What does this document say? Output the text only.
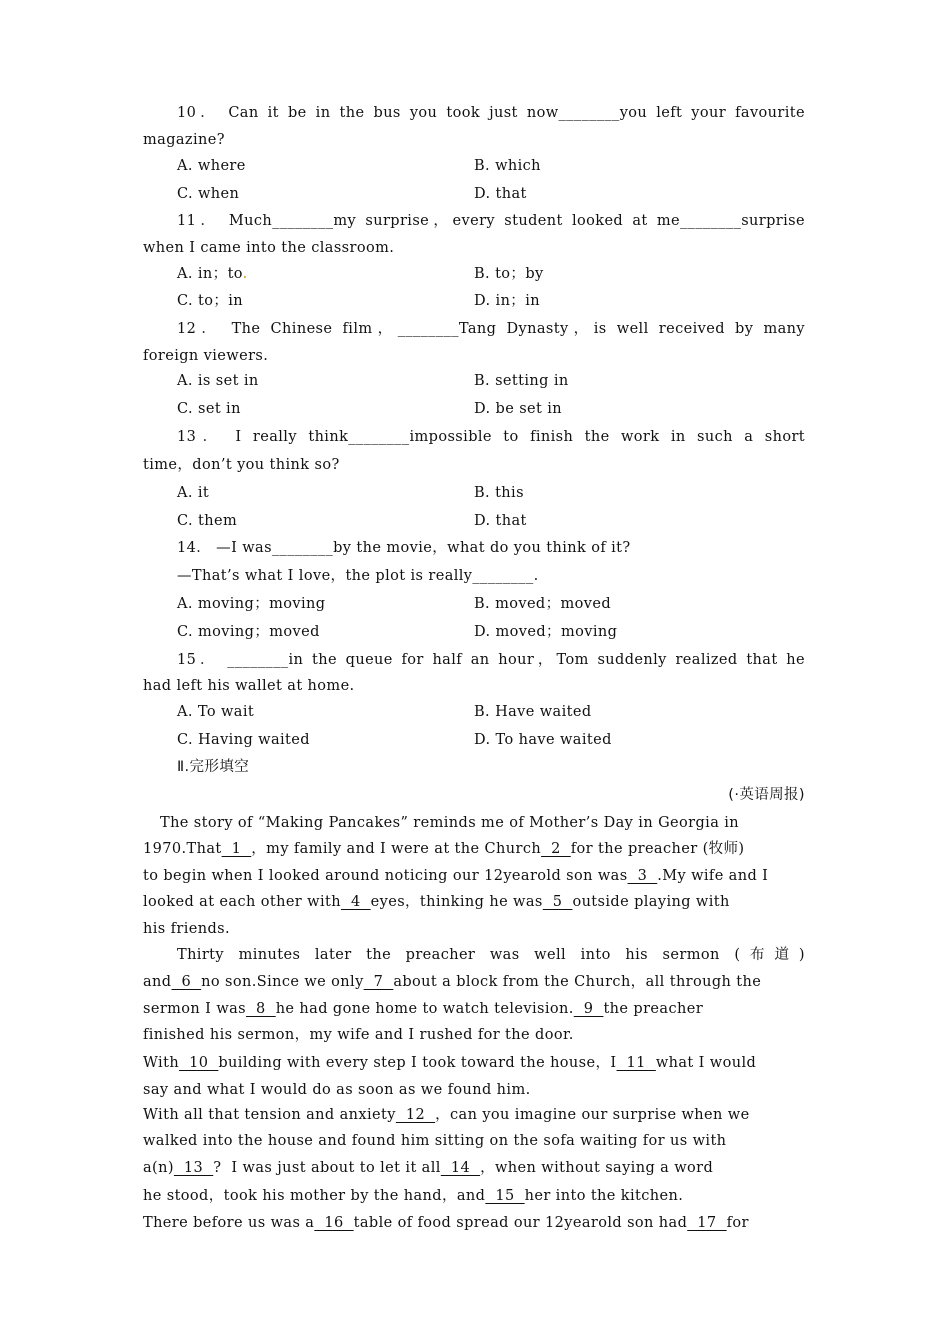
10． Can it be in the bus you took just now________you left your favourite
magazine?
A. where	B. which
C. when	D. that
11． Much________my surprise，every student looked at me________surprise
when I came into the classroom.
A. in；to.	B. to；by
C. to；in	D. in；in
12． The Chinese film，________Tang Dynasty，is well received by many
foreign viewers.
A. is set in	B. setting in
C. set in	D. be set in
13． I really think________impossible to finish the work in such a short
time，don’t you think so?
A. it	B. this
C. them	D. that
14． —I was________by the movie，what do you think of it?
—That’s what I love，the plot is really________.
A. moving；moving	B. moved；moved
C. moving；moved	D. moved；moving
15． ________in the queue for half an hour，Tom suddenly realized that he
had left his wallet at home.
A. To wait	B. Have waited
C. Having waited	D. To have waited
Ⅱ.完形填空
(·英语周报)
The story of “Making Pancakes” reminds me of Mother’s Day in Georgia in
1970.That  1  ，my family and I were at the Church  2  for the preacher (牧师)
to begin when I looked around noticing our 12yearold son was  3  .My wife and I
looked at each other with  4  eyes，thinking he was  5  outside playing with
his friends.
Thirty minutes later the preacher was well into his sermon (布道)
and  6  no son.Since we only  7  about a block from the Church，all through the
sermon I was  8  he had gone home to watch television.  9  the preacher
finished his sermon，my wife and I rushed for the door.
With  10  building with every step I took toward the house，I  11  what I would
say and what I would do as soon as we found him.
With all that tension and anxiety  12  ，can you imagine our surprise when we
walked into the house and found him sitting on the sofa waiting for us with
a(n)  13  ?  I was just about to let it all  14  ，when without saying a word
he stood，took his mother by the hand，and  15  her into the kitchen.
There before us was a  16  table of food spread our 12yearold son had  17  for
